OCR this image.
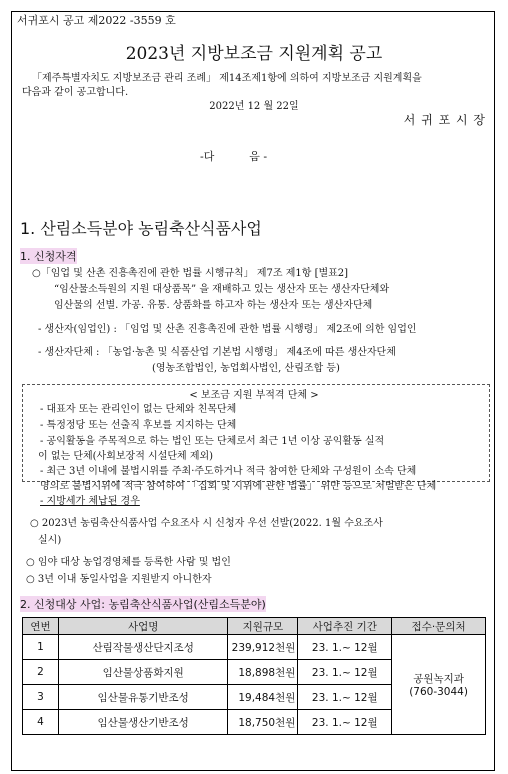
서귀포시 공고 제2022 -3559 호
2023년 지방보조금 지원계획 공고
「제주특별자치도 지방보조금 관리 조례」 제14조제1항에 의하여 지방보조금 지원계획을
다음과 같이 공고합니다.
2022년 12 월 22일
서 귀 포 시 장
-다          음 -
1. 산림소득분야 농림축산식품사업
1. 신청자격
○「임업 및 산촌 진흥촉진에 관한 법률 시행규칙」 제7조 제1항 [별표2]
“임산물소득원의 지원 대상품목” 을 재배하고 있는 생산자 또는 생산자단체와
임산물의 선별. 가공. 유통. 상품화를 하고자 하는 생산자 또는 생산자단체
- 생산자(임업인) : 「임업 및 산촌 진흥촉진에 관한 법률 시행령」 제2조에 의한 임업인
- 생산자단체 : 「농업·농촌 및 식품산업 기본법 시행령」 제4조에 따른 생산자단체
(영농조합법인, 농업회사법인, 산림조합 등)
< 보조금 지원 부적격 단체 >
- 대표자 또는 관리인이 없는 단체와 친목단체
- 특정정당 또는 선출직 후보를 지지하는 단체
- 공익활동을 주목적으로 하는 법인 또는 단체로서 최근 1년 이상 공익활동 실적
이 없는 단체(사회보장적 시설단체 제외)
- 최근 3년 이내에 불법시위를 주최·주도하거나 적극 참여한 단체와 구성원이 소속 단체
명의로 불법시위에 적극 참여하여 「집회 및 시위에 관한 법률」 위반 등으로 처벌받은 단체
- 지방세가 체납된 경우
○ 2023년 농림축산식품사업 수요조사 시 신청자 우선 선발(2022. 1월 수요조사
실시)
○ 임야 대상 농업경영체를 등록한 사람 및 법인
○ 3년 이내 동일사업을 지원받지 아니한자
2. 신청대상 사업: 농림축산식품사업(산림소득분야)
연번	사업명	지원규모	사업추진 기간	접수·문의처
1	산림작물생산단지조성	239,912천원	23. 1.~ 12월	공원녹지과
(760-3044)

2	임산물상품화지원	18,898천원	23. 1.~ 12월	
3	임산물유통기반조성	19,484천원	23. 1.~ 12월	
4	임산물생산기반조성	18,750천원	23. 1.~ 12월	
